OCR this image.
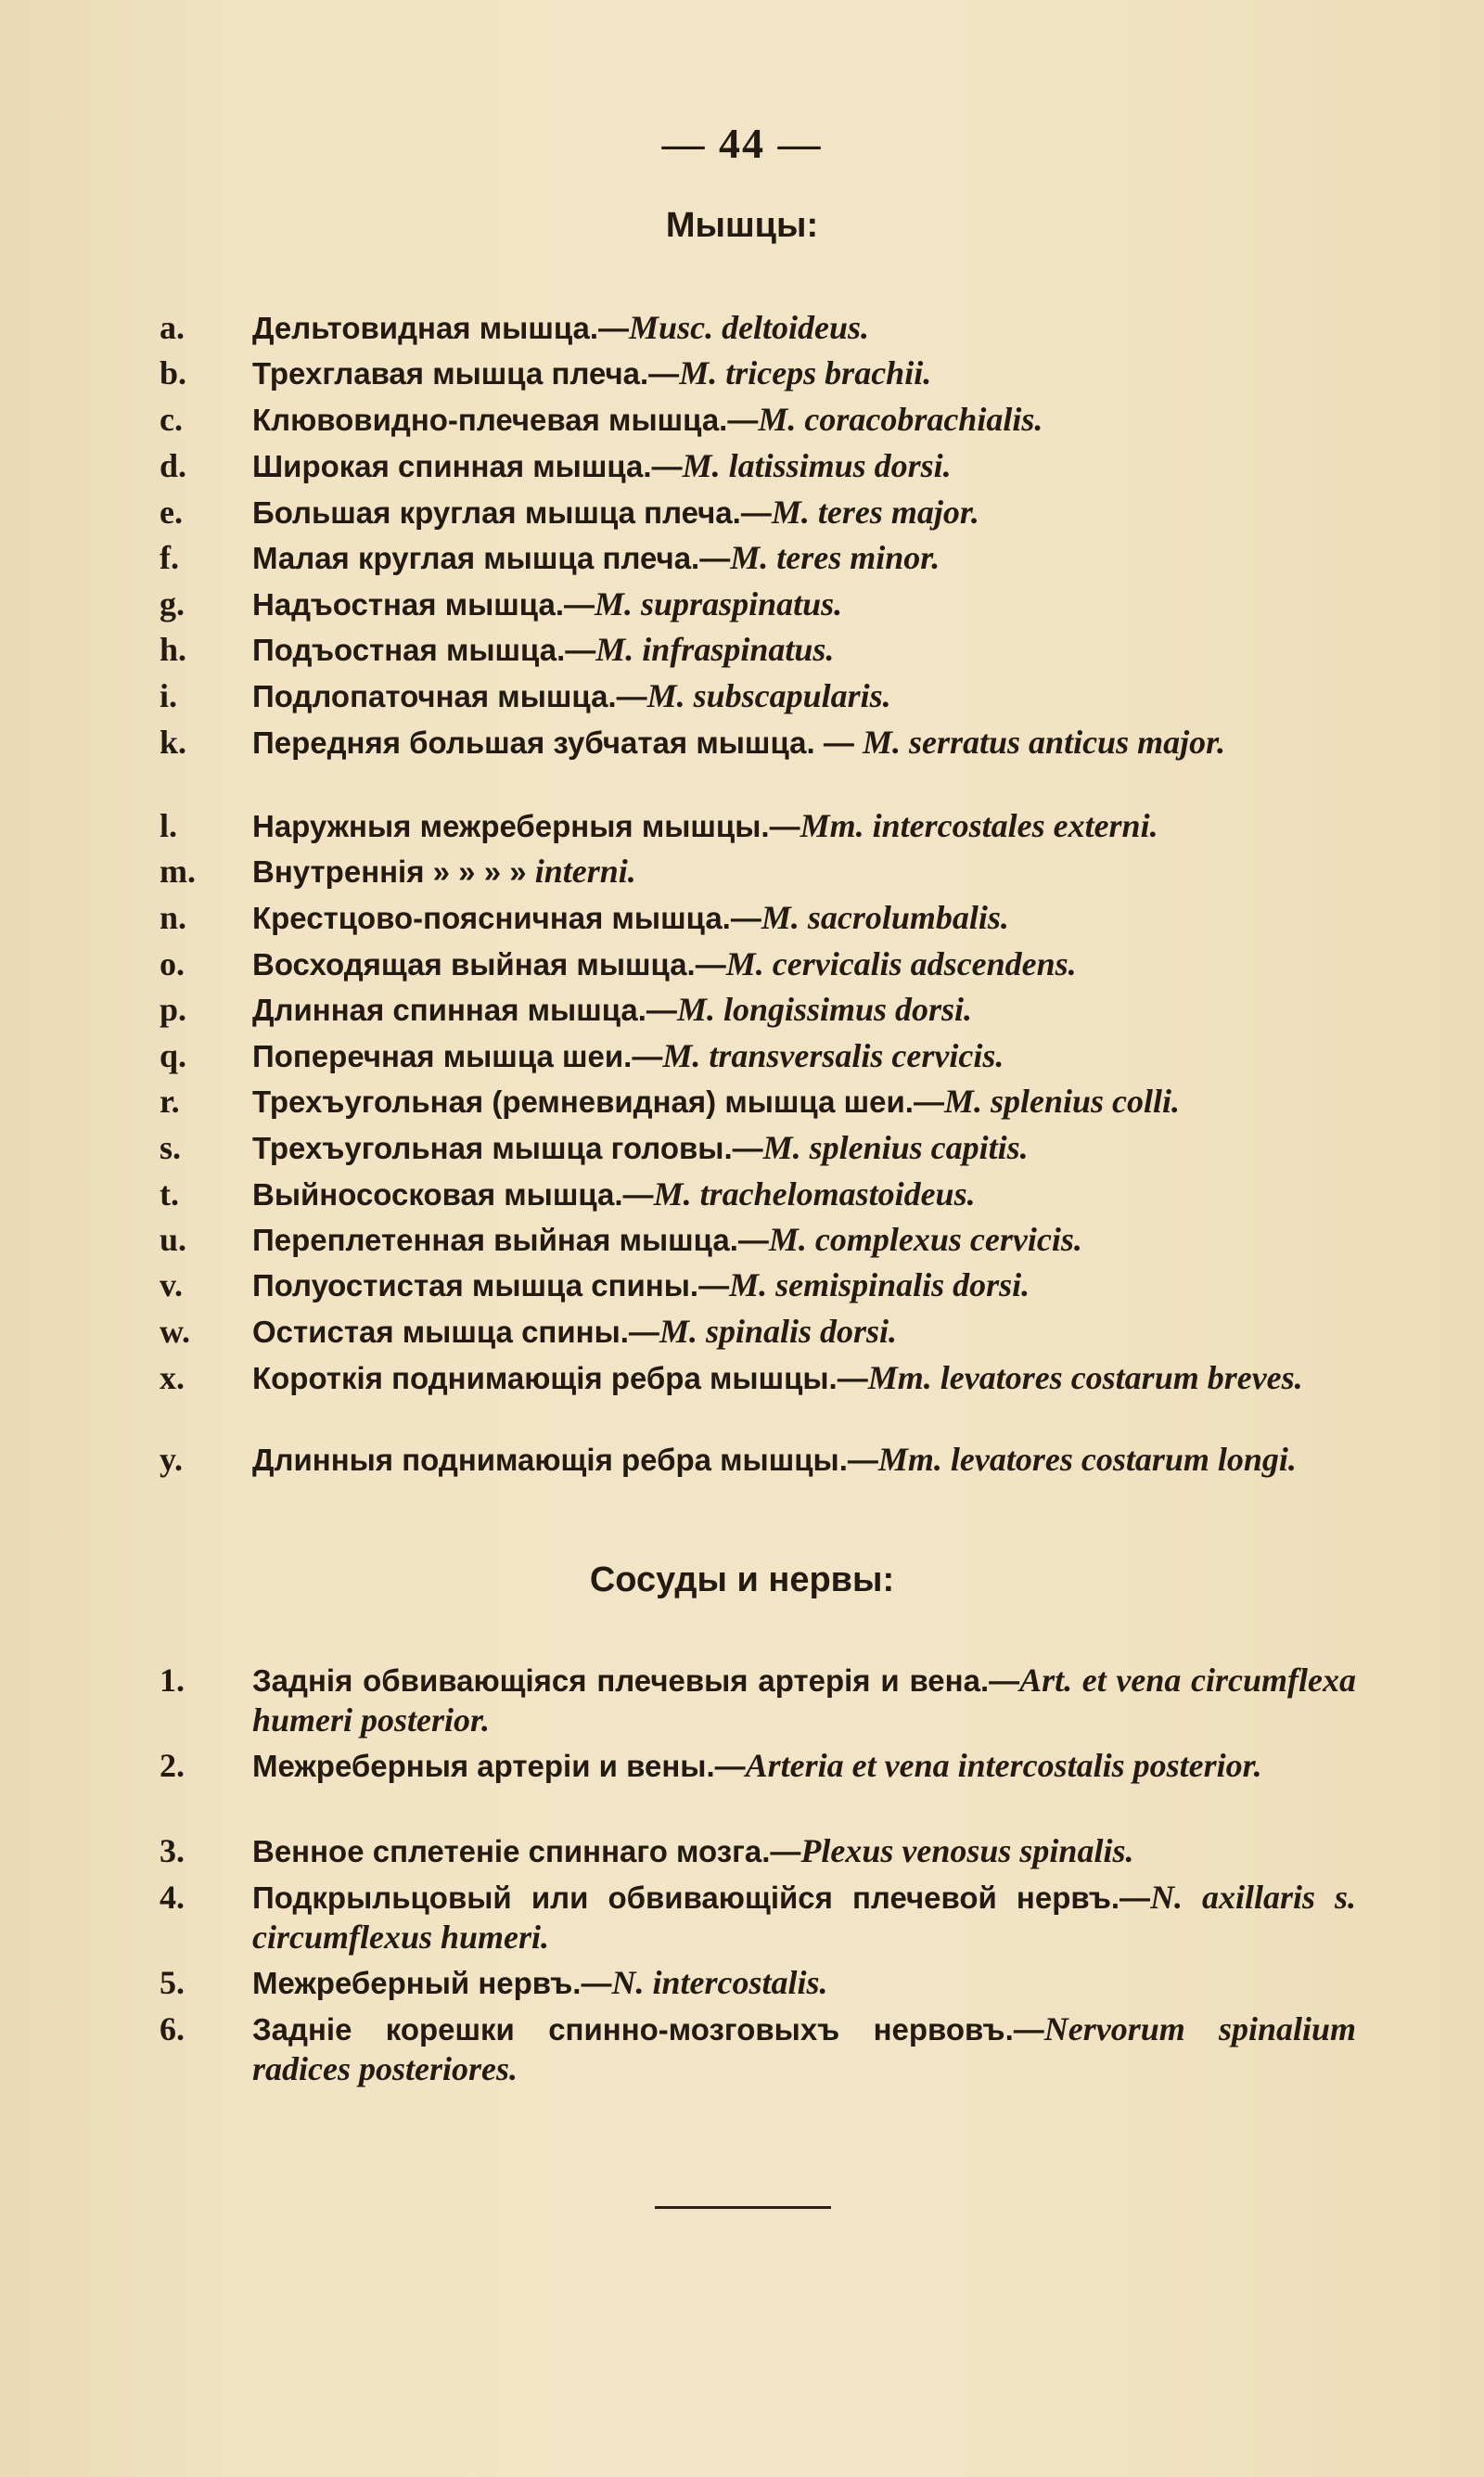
— 44 —
Мышцы:
a.	Дельтовидная мышца.—Musc. deltoideus.
b.	Трехглавая мышца плеча.—M. triceps brachii.
c.	Клювовидно-плечевая мышца.—M. coracobrachialis.
d.	Широкая спинная мышца.—M. latissimus dorsi.
e.	Большая круглая мышца плеча.—M. teres major.
f.	Малая круглая мышца плеча.—M. teres minor.
g.	Надъостная мышца.—M. supraspinatus.
h.	Подъостная мышца.—M. infraspinatus.
i.	Подлопаточная мышца.—M. subscapularis.
k.	Передняя большая зубчатая мышца. — M. serratus anticus major.
l.	Наружныя межреберныя мышцы.—Mm. intercostales externi.
m.	Внутреннія » » » » interni.
n.	Крестцово-поясничная мышца.—M. sacrolumbalis.
o.	Восходящая выйная мышца.—M. cervicalis adscendens.
p.	Длинная спинная мышца.—M. longissimus dorsi.
q.	Поперечная мышца шеи.—M. transversalis cervicis.
r.	Трехъугольная (ремневидная) мышца шеи.—M. splenius colli.
s.	Трехъугольная мышца головы.—M. splenius capitis.
t.	Выйнососковая мышца.—M. trachelomastoideus.
u.	Переплетенная выйная мышца.—M. complexus cervicis.
v.	Полуостистая мышца спины.—M. semispinalis dorsi.
w.	Остистая мышца спины.—M. spinalis dorsi.
x.	Короткія поднимающія ребра мышцы.—Mm. levatores costarum breves.
y.	Длинныя поднимающія ребра мышцы.—Mm. levatores costarum longi.
Сосуды и нервы:
1.	Заднія обвивающіяся плечевыя артерія и вена.—Art. et vena circumflexa humeri posterior.
2.	Межреберныя артеріи и вены.—Arteria et vena intercostalis posterior.
3.	Венное сплетеніе спиннаго мозга.—Plexus venosus spinalis.
4.	Подкрыльцовый или обвивающійся плечевой нервъ.—N. axillaris s. circumflexus humeri.
5.	Межреберный нервъ.—N. intercostalis.
6.	Задніе корешки спинно-мозговыхъ нервовъ.—Nervorum spinalium radices posteriores.
